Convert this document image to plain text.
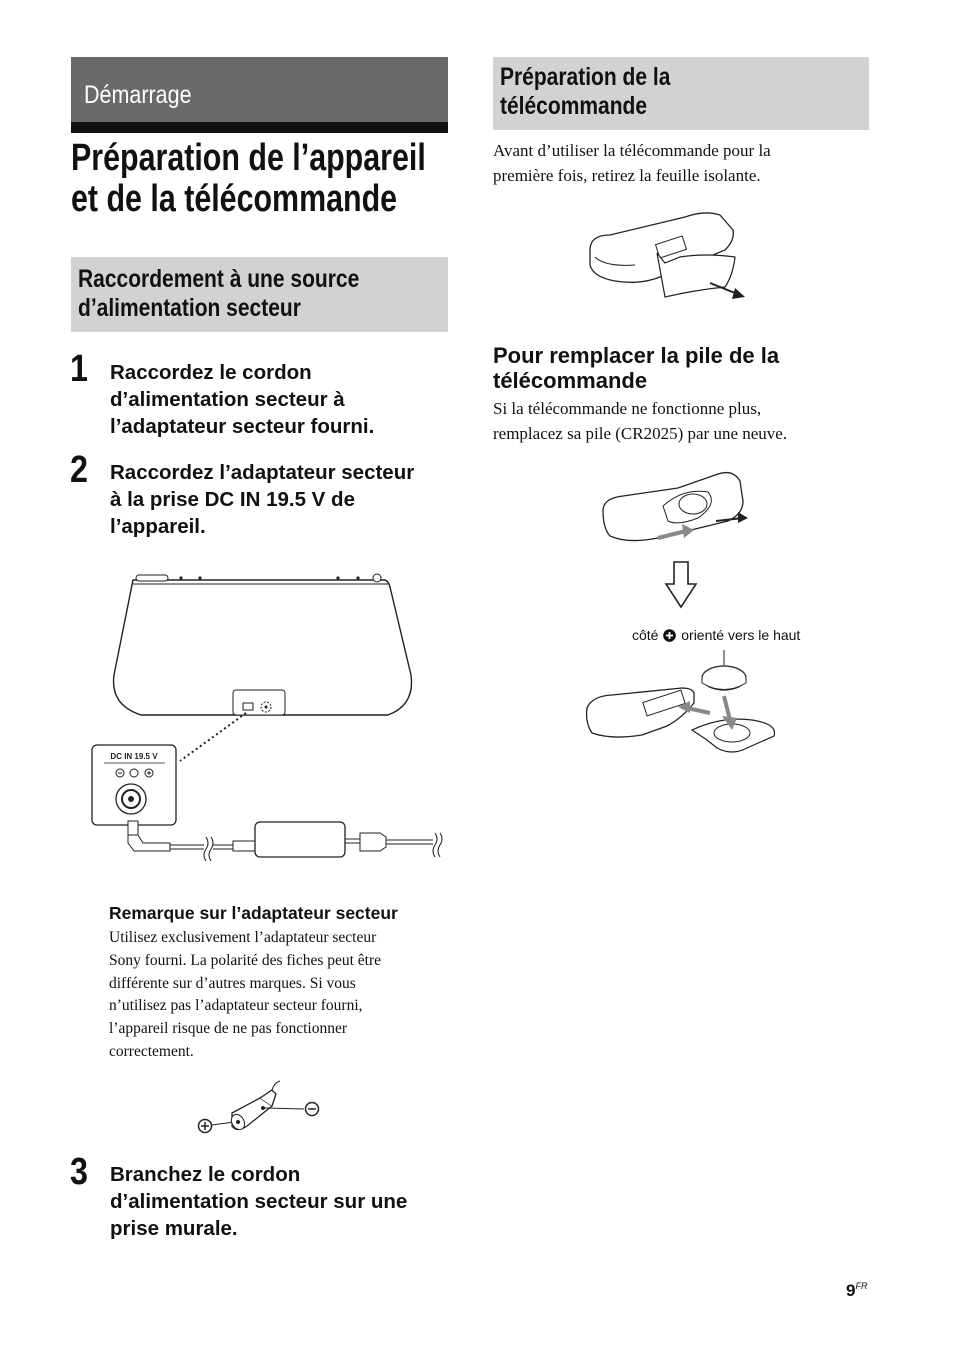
Démarrage
Préparation de l’appareil
et de la télécommande
Raccordement à une source
d’alimentation secteur
1 Raccordez le cordon
d’alimentation secteur à
l’adaptateur secteur fourni.
2 Raccordez l’adaptateur secteur
à la prise DC IN 19.5 V de
l’appareil.
DC IN 19.5 V
Remarque sur l’adaptateur secteur
Utilisez exclusivement l’adaptateur secteur
Sony fourni. La polarité des fiches peut être
différente sur d’autres marques. Si vous
n’utilisez pas l’adaptateur secteur fourni,
l’appareil risque de ne pas fonctionner
correctement.
3 Branchez le cordon
d’alimentation secteur sur une
prise murale.
Préparation de la
télécommande
Avant d’utiliser la télécommande pour la
première fois, retirez la feuille isolante.
Pour remplacer la pile de la
télécommande
Si la télécommande ne fonctionne plus,
remplacez sa pile (CR2025) par une neuve.
côté orienté vers le haut
$9^{FR}$
